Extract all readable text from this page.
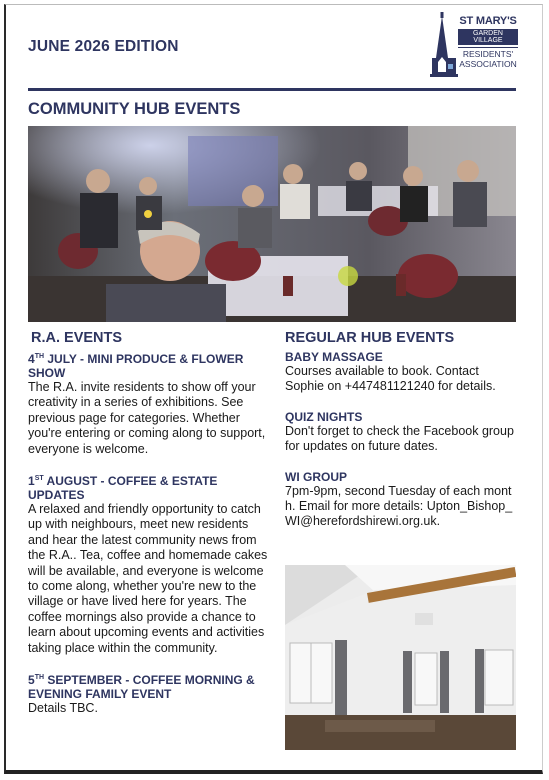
JUNE 2026 EDITION
ST MARY'S
GARDEN VILLAGE
RESIDENTS'
ASSOCIATION
COMMUNITY HUB EVENTS
R.A. EVENTS
4TH JULY - MINI PRODUCE & FLOWER SHOW

The R.A. invite residents to show off your creativity in a series of exhibitions. See previous page for categories. Whether you're entering or coming along to support, everyone is welcome.

1ST AUGUST - COFFEE & ESTATE UPDATES

A relaxed and friendly opportunity to catch up with neighbours, meet new residents and hear the latest community news from the R.A.. Tea, coffee and homemade cakes will be available, and everyone is welcome to come along, whether you're new to the village or have lived here for years. The coffee mornings also provide a chance to learn about upcoming events and activities taking place within the community.

5TH SEPTEMBER - COFFEE MORNING & EVENING FAMILY EVENT

Details TBC.

REGULAR HUB EVENTS
BABY MASSAGE

Courses available to book. Contact Sophie on +447481121240 for details.

QUIZ NIGHTS

Don't forget to check the Facebook group for updates on future dates.

WI GROUP

7pm-9pm, second Tuesday of each month. Email for more details: Upton_Bishop_WI@herefordshirewi.org.uk.
